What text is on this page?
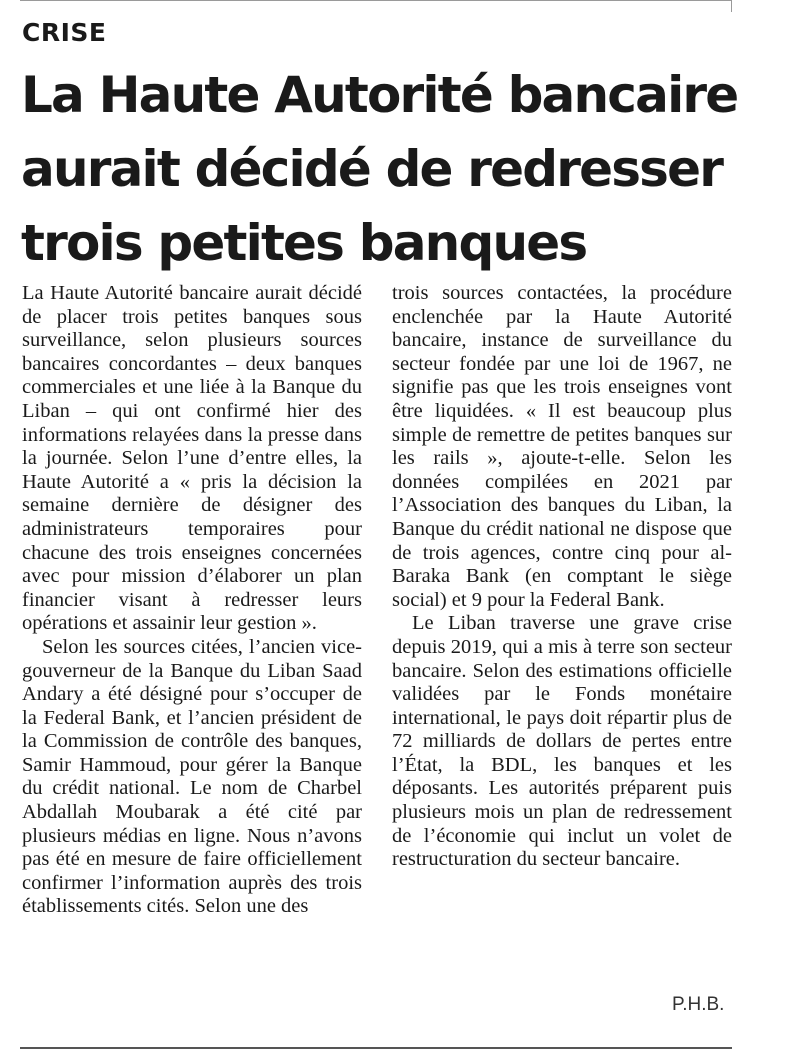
CRISE
La Haute Autorité bancaire
aurait décidé de redresser
trois petites banques

La Haute Autorité bancaire aurait décidé de placer trois petites banques sous surveillance, selon plusieurs sources bancaires concordantes – deux banques commerciales et une liée à la Banque du Liban – qui ont confirmé hier des informations relayées dans la presse dans la journée. Selon l’une d’entre elles, la Haute Autorité a « pris la décision la semaine dernière de désigner des administrateurs temporaires pour chacune des trois enseignes concernées avec pour mission d’élaborer un plan financier visant à redresser leurs opérations et assainir leur gestion ».

Selon les sources citées, l’ancien vice-gouverneur de la Banque du Liban Saad Andary a été désigné pour s’occuper de la Federal Bank, et l’ancien président de la Commission de contrôle des banques, Samir Hammoud, pour gérer la Banque du crédit national. Le nom de Charbel Abdallah Moubarak a été cité par plusieurs médias en ligne. Nous n’avons pas été en mesure de faire officiellement confirmer l’information auprès des trois établissements cités. Selon une des

trois sources contactées, la procédure enclenchée par la Haute Autorité bancaire, instance de surveillance du secteur fondée par une loi de 1967, ne signifie pas que les trois enseignes vont être liquidées. « Il est beaucoup plus simple de remettre de petites banques sur les rails », ajoute-t-elle. Selon les données compilées en 2021 par l’Association des banques du Liban, la Banque du crédit national ne dispose que de trois agences, contre cinq pour al-Baraka Bank (en comptant le siège social) et 9 pour la Federal Bank.

Le Liban traverse une grave crise depuis 2019, qui a mis à terre son secteur bancaire. Selon des estimations officielle validées par le Fonds monétaire international, le pays doit répartir plus de 72 milliards de dollars de pertes entre l’État, la BDL, les banques et les déposants. Les autorités préparent puis plusieurs mois un plan de redressement de l’économie qui inclut un volet de restructuration du secteur bancaire.

P.H.B.
